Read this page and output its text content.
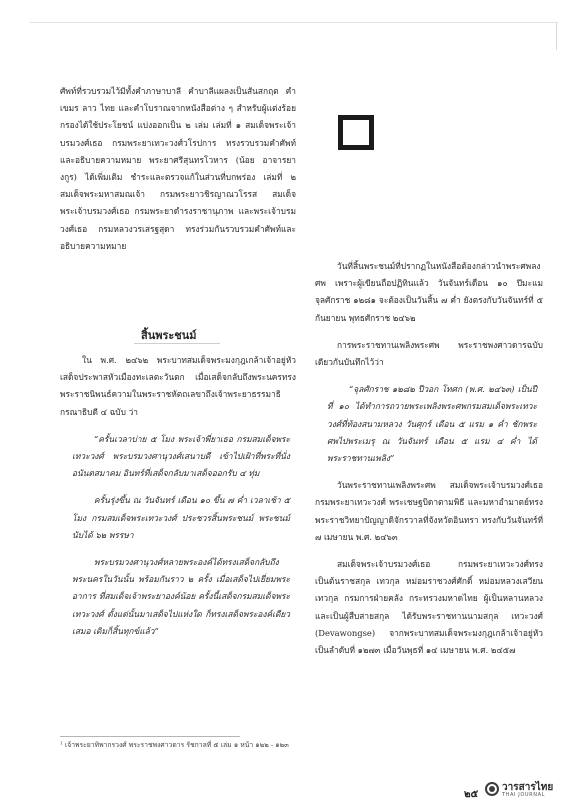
ศัพท์ที่รวบรวมไว้มีทั้งคำภาษาบาลี คำบาลีแผลงเป็นสันสกฤต คำเขมร ลาว ไทย และคำโบราณจากหนังสือต่าง ๆ สำหรับผู้แต่งร้อยกรองได้ใช้ประโยชน์ แบ่งออกเป็น ๒ เล่ม เล่มที่ ๑ สมเด็จพระเจ้าบรมวงศ์เธอ กรมพระยาเทวะวงศ์วโรปการ ทรงรวบรวมคำศัพท์และอธิบายความหมาย พระยาศรีสุนทรโวหาร (น้อย อาจารยางกูร) ได้เพิ่มเติม ชำระและตรวจแก้ในส่วนที่บกพร่อง เล่มที่ ๒ สมเด็จพระมหาสมณเจ้า กรมพระยาวชิรญาณวโรรส สมเด็จพระเจ้าบรมวงศ์เธอ กรมพระยาดำรงราชานุภาพ และพระเจ้าบรมวงศ์เธอ กรมหลวงวรเสรฐสุดา ทรงร่วมกันรวบรวมคำศัพท์และอธิบายความหมาย

สิ้นพระชนม์

ใน พ.ศ. ๒๔๖๒ พระบาทสมเด็จพระมงกุฎเกล้าเจ้าอยู่หัว เสด็จประพาสหัวเมืองทะเลตะวันตก เมื่อเสด็จกลับถึงพระนครทรงพระราชนิพนธ์ความในพระราชหัตถเลขาถึงเจ้าพระยาธรรมาธิกรณาธิบดี ๔ ฉบับ ว่า

“ครั้นเวลาบ่าย ๕ โมง พระเจ้าพี่ยาเธอ กรมสมเด็จพระเทวะวงศ์ พระบรมวงศานุวงศ์เสนาบดี เข้าไปเฝ้าที่พระที่นั่งอนันตสมาคม อินทร์ที่เสด็จกลับมาเสด็จออกรับ ๔ ทุ่ม

ครั้นรุ่งขึ้น ณ วันจันทร์ เดือน ๑๐ ขึ้น ๗ ค่ำ เวลาเช้า ๕ โมง กรมสมเด็จพระเทวะวงศ์ ประชวรสิ้นพระชนม์ พระชนม์นับได้ ๖๒ พรรษา

พระบรมวงศานุวงศ์หลายพระองค์ได้ทรงเสด็จกลับถึงพระนครในวันนั้น พร้อมกันราว ๒ ครั้ง เมื่อเสด็จไปเยี่ยมพระอาการ ที่สมเด็จเจ้าพระยาองค์น้อย ครั้งนี้เสด็จกรมสมเด็จพระเทวะวงศ์ ตั้งแต่นั้นมาเสด็จไปแห่งใด ก็ทรงเสด็จพระองค์เดียวเสมอ เดิมก็สิ้นทุกข์แล้ว”

วันที่สิ้นพระชนม์ที่ปรากฏในหนังสือต้องกล่าวนำพระศพลงศพ เพราะผู้เขียนถือปฏิทินแล้ว วันจันทร์เดือน ๑๐ ปีมะแม จุลศักราช ๑๒๘๑ จะต้องเป็นวันสิ้น ๗ ค่ำ ยังตรงกับวันจันทร์ที่ ๕ กันยายน พุทธศักราช ๒๔๖๒

การพระราชทานเพลิงพระศพ พระราชพงศาวดารฉบับเดียวกันบันทึกไว้ว่า

“จุลศักราช ๑๒๘๒ ปีวอก โทศก (พ.ศ. ๒๔๖๓) เป็นปีที่ ๑๐ ได้ทำการถวายพระเพลิงพระศพกรมสมเด็จพระเทวะวงศ์ที่ท้องสนามหลวง วันศุกร์ เดือน ๕ แรม ๑ ค่ำ ชักพระศพไปพระเมรุ ณ วันจันทร์ เดือน ๕ แรม ๔ ค่ำ ได้พระราชทานเพลิง”

วันพระราชทานเพลิงพระศพ สมเด็จพระเจ้าบรมวงศ์เธอ กรมพระยาเทวะวงศ์ พระเชษฐบิดาตามพิธี และมหาอำมาตย์ทรงพระราชวิทยาปัญญาดิจักรวาลที่จังหวัดอินทรา ทรงกับวันจันทร์ที่ ๗ เมษายน พ.ศ. ๒๔๖๓

สมเด็จพระเจ้าบรมวงศ์เธอ กรมพระยาเทวะวงศ์ทรงเป็นต้นราชสกุล เทวกุล หม่อมราชวงศ์ศักดิ์ หม่อมหลวงเสวียน เทวกุล กรมการฝ่ายคลัง กระทรวงมหาดไทย ผู้เป็นหลานหลวงและเป็นผู้สืบสายสกุล ได้รับพระราชทานนามสกุล เทวะวงศ์ (Devawongse) จากพระบาทสมเด็จพระมงกุฎเกล้าเจ้าอยู่หัว เป็นลำดับที่ ๑๒๗๓ เมื่อวันพุธที่ ๑๔ เมษายน พ.ศ. ๒๔๕๗

¹ เจ้าพระยาทิพากรวงศ์ พระราชพงศาวดาร รัชกาลที่ ๕ เล่ม ๑ หน้า ๑๒๒ - ๑๒๓
๒๕
วารสารไทย
THAI JOURNAL
